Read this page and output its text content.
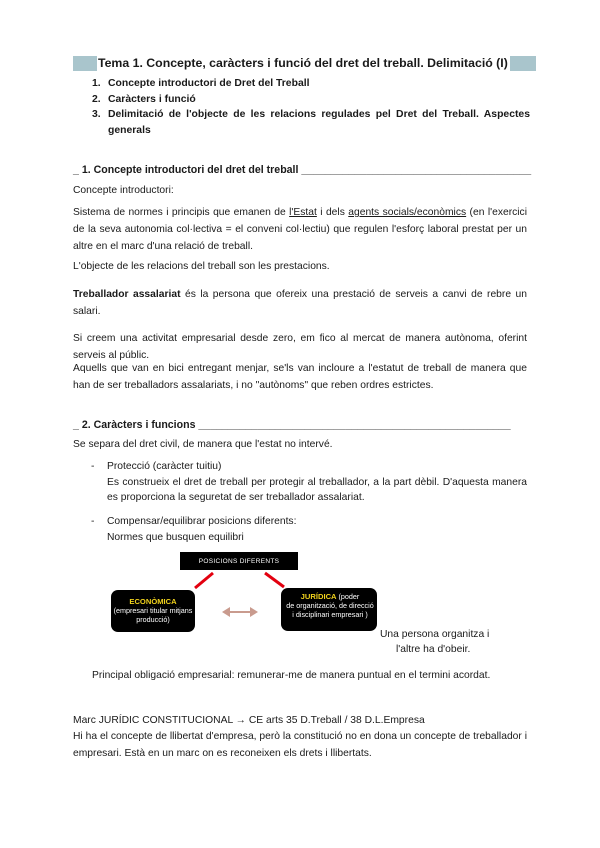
Tema 1. Concepte, caràcters i funció del dret del treball. Delimitació (I)
1. Concepte introductori de Dret del Treball
2. Caràcters i funció
3. Delimitació de l'objecte de les relacions regulades pel Dret del Treball. Aspectes generals
_ 1. Concepte introductori del dret del treball _______________________________________
Concepte introductori:
Sistema de normes i principis que emanen de l'Estat i dels agents socials/econòmics (en l'exercici de la seva autonomia col·lectiva = el conveni col·lectiu) que regulen l'esforç laboral prestat per un altre en el marc d'una relació de treball.
L'objecte de les relacions del treball son les prestacions.
Treballador assalariat és la persona que ofereix una prestació de serveis a canvi de rebre un salari.
Si creem una activitat empresarial desde zero, em fico al mercat de manera autònoma, oferint serveis al públic.
Aquells que van en bici entregant menjar, se'ls van incloure a l'estatut de treball de manera que han de ser treballadors assalariats, i no "autònoms" que reben ordres estrictes.
_ 2. Caràcters i funcions _____________________________________________________
Se separa del dret civil, de manera que l'estat no intervé.
-	Protecció (caràcter tuitiu)
Es construeix el dret de treball per protegir al treballador, a la part dèbil. D'aquesta manera es proporciona la seguretat de ser treballador assalariat.
-	Compensar/equilibrar posicions diferents:
Normes que busquen equilibri
POSICIONS DIFERENTS
ECONÒMICA
(empresari titular mitjans producció)
JURÍDICA (poder
de organització, de direcció i disciplinari empresari )
Una persona organitza i
l'altre ha d'obeir.
Principal obligació empresarial: remunerar-me de manera puntual en el termini acordat.
Marc JURÍDIC CONSTITUCIONAL → CE arts 35 D.Treball / 38 D.L.Empresa
Hi ha el concepte de llibertat d'empresa, però la constitució no en dona un concepte de treballador i empresari. Està en un marc on es reconeixen els drets i llibertats.
